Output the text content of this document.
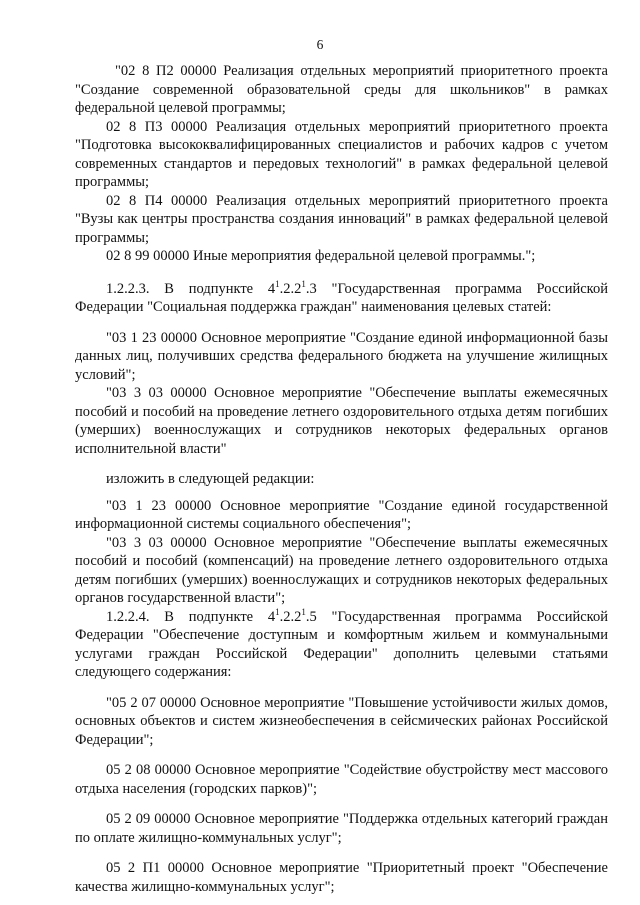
6

"02 8 П2 00000 Реализация отдельных мероприятий приоритетного проекта "Создание современной образовательной среды для школьников" в рамках федеральной целевой программы;

02 8 П3 00000 Реализация отдельных мероприятий приоритетного проекта "Подготовка высококвалифицированных специалистов и рабочих кадров с учетом современных стандартов и передовых технологий" в рамках федеральной целевой программы;

02 8 П4 00000 Реализация отдельных мероприятий приоритетного проекта "Вузы как центры пространства создания инноваций" в рамках федеральной целевой программы;

02 8 99 00000 Иные мероприятия федеральной целевой программы.";

1.2.2.3. В подпункте $4^1.2.2^1.3$ "Государственная программа Российской Федерации "Социальная поддержка граждан" наименования целевых статей:

"03 1 23 00000 Основное мероприятие "Создание единой информационной базы данных лиц, получивших средства федерального бюджета на улучшение жилищных условий";

"03 3 03 00000 Основное мероприятие "Обеспечение выплаты ежемесячных пособий и пособий на проведение летнего оздоровительного отдыха детям погибших (умерших) военнослужащих и сотрудников некоторых федеральных органов исполнительной власти"

изложить в следующей редакции:

"03 1 23 00000 Основное мероприятие "Создание единой государственной информационной системы социального обеспечения";

"03 3 03 00000 Основное мероприятие "Обеспечение выплаты ежемесячных пособий и пособий (компенсаций) на проведение летнего оздоровительного отдыха детям погибших (умерших) военнослужащих и сотрудников некоторых федеральных органов государственной власти";

1.2.2.4. В подпункте $4^1.2.2^1.5$ "Государственная программа Российской Федерации "Обеспечение доступным и комфортным жильем и коммунальными услугами граждан Российской Федерации" дополнить целевыми статьями следующего содержания:

"05 2 07 00000 Основное мероприятие "Повышение устойчивости жилых домов, основных объектов и систем жизнеобеспечения в сейсмических районах Российской Федерации";

05 2 08 00000 Основное мероприятие "Содействие обустройству мест массового отдыха населения (городских парков)";

05 2 09 00000 Основное мероприятие "Поддержка отдельных категорий граждан по оплате жилищно-коммунальных услуг";

05 2 П1 00000 Основное мероприятие "Приоритетный проект "Обеспечение качества жилищно-коммунальных услуг";
